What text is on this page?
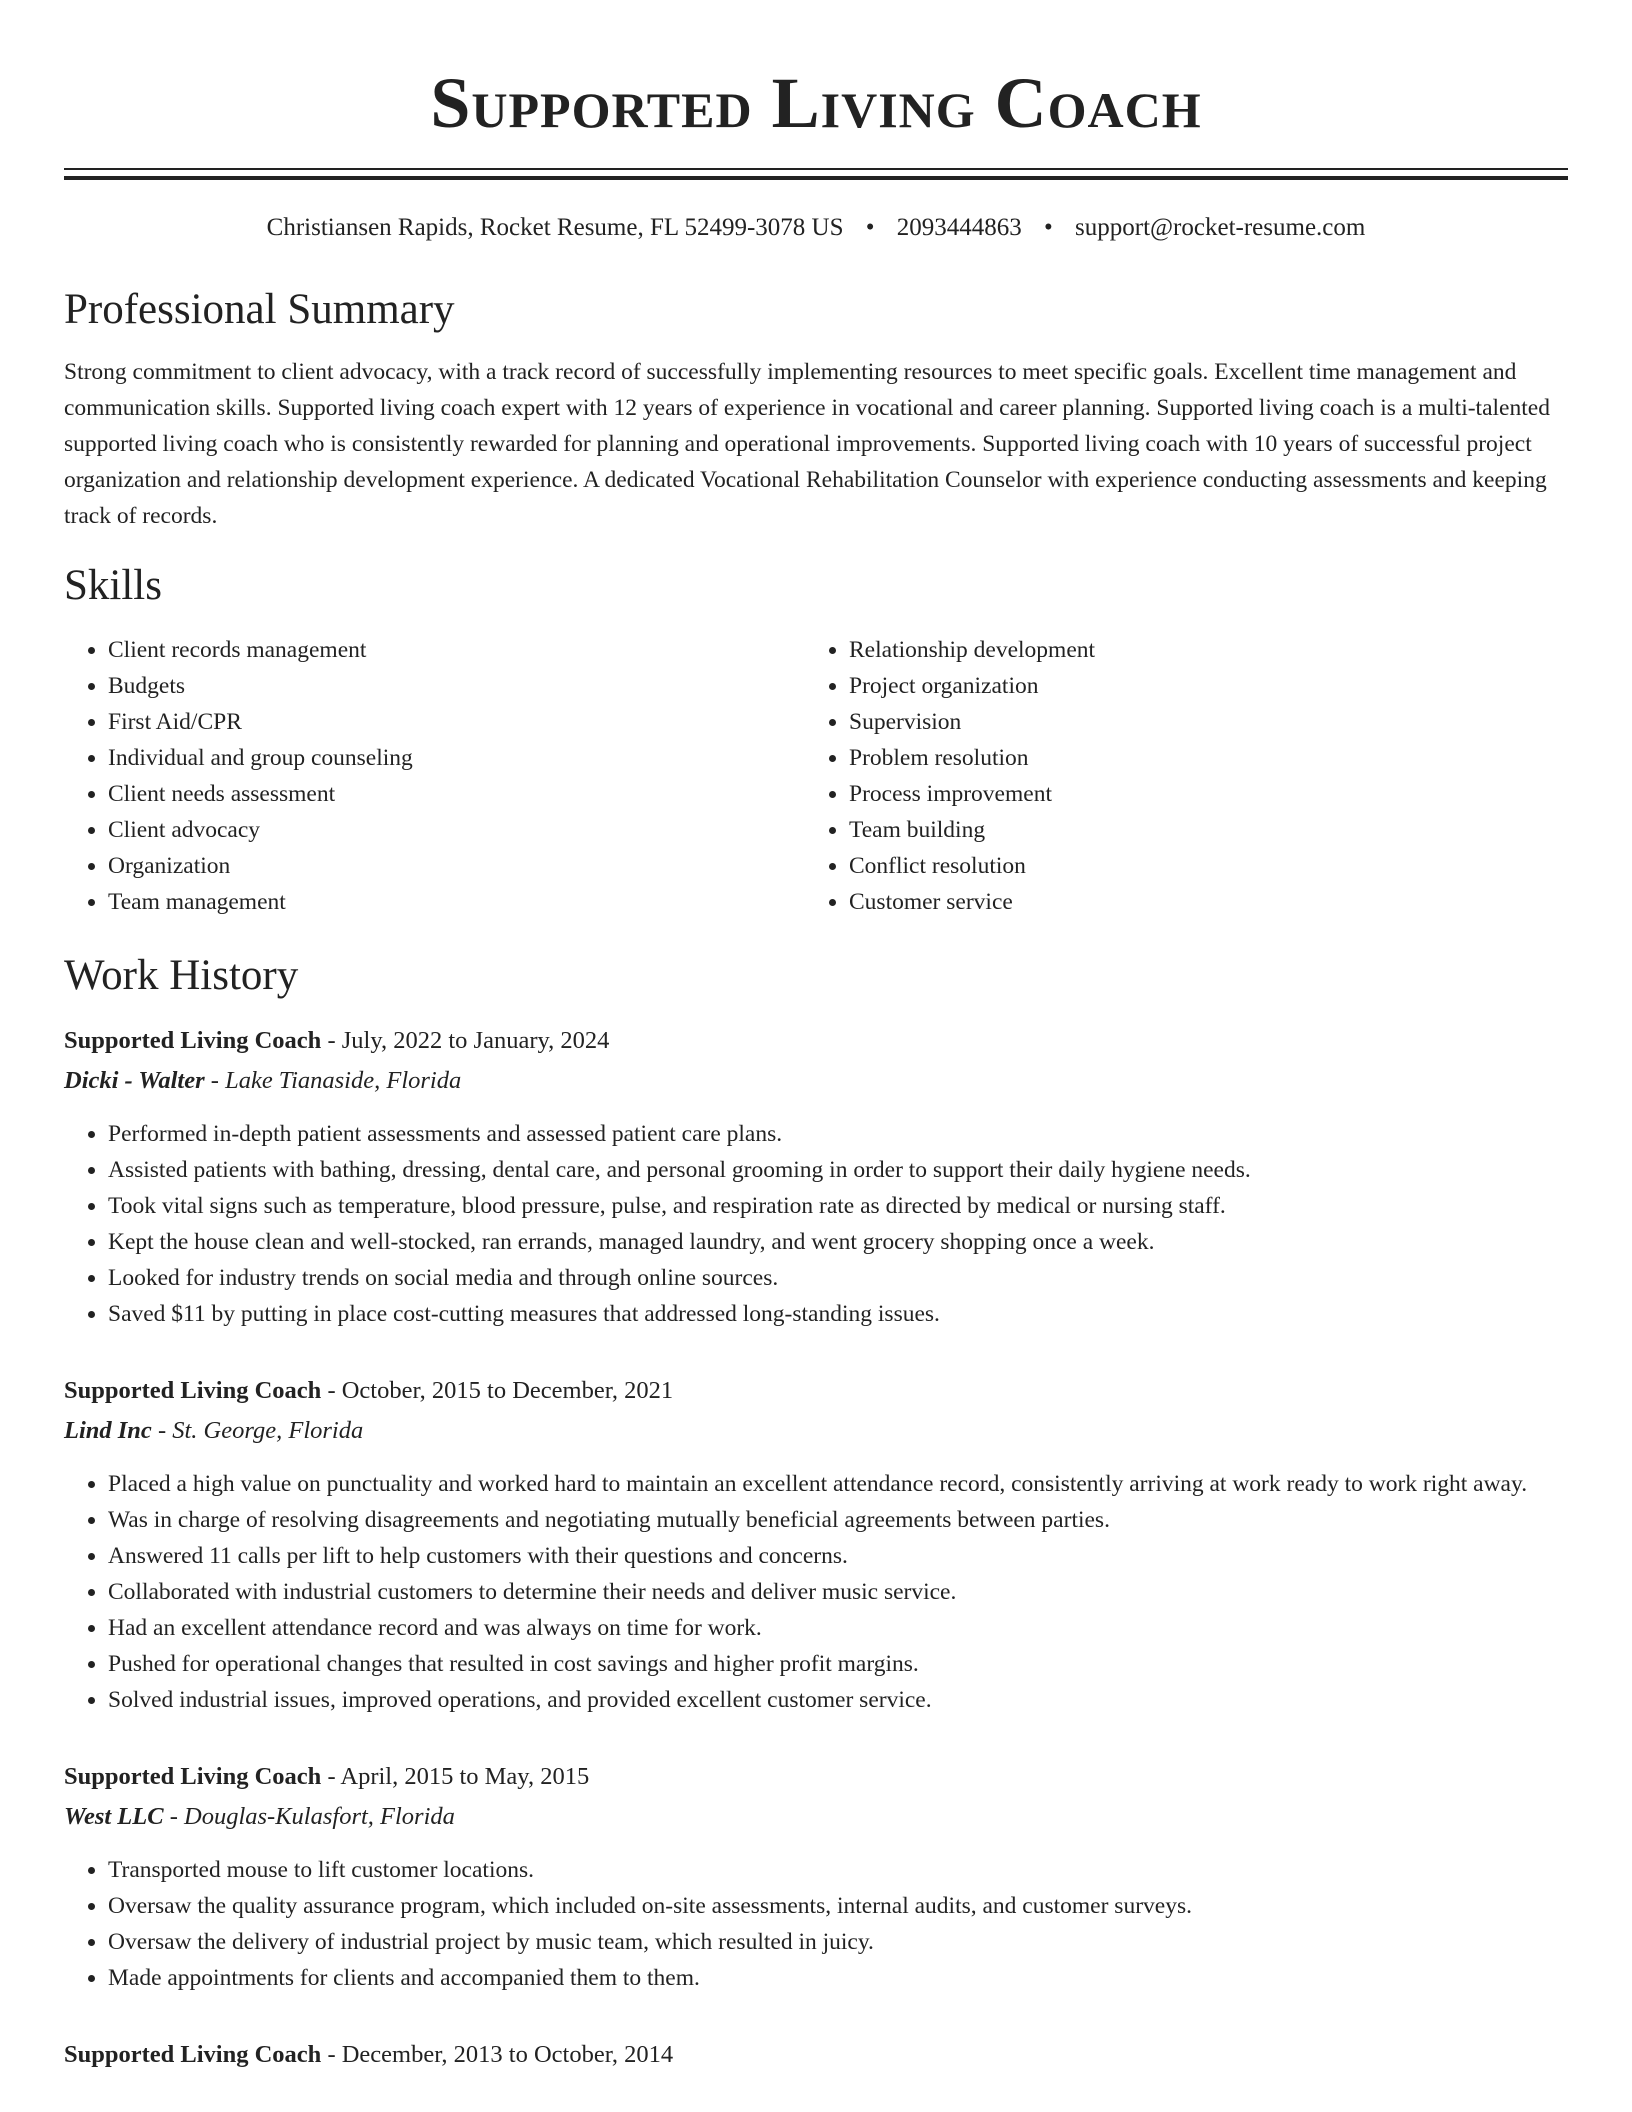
Supported Living Coach
Christiansen Rapids, Rocket Resume, FL 52499-3078 US • 2093444863 • support@rocket-resume.com
Professional Summary

Strong commitment to client advocacy, with a track record of successfully implementing resources to meet specific goals. Excellent time management and communication skills. Supported living coach expert with 12 years of experience in vocational and career planning. Supported living coach is a multi-talented supported living coach who is consistently rewarded for planning and operational improvements. Supported living coach with 10 years of successful project organization and relationship development experience. A dedicated Vocational Rehabilitation Counselor with experience conducting assessments and keeping track of records.

Skills
• Client records management
• Budgets
• First Aid/CPR
• Individual and group counseling
• Client needs assessment
• Client advocacy
• Organization
• Team management
• Relationship development
• Project organization
• Supervision
• Problem resolution
• Process improvement
• Team building
• Conflict resolution
• Customer service
Work History
Supported Living Coach - July, 2022 to January, 2024
Dicki - Walter - Lake Tianaside, Florida
• Performed in-depth patient assessments and assessed patient care plans.
• Assisted patients with bathing, dressing, dental care, and personal grooming in order to support their daily hygiene needs.
• Took vital signs such as temperature, blood pressure, pulse, and respiration rate as directed by medical or nursing staff.
• Kept the house clean and well-stocked, ran errands, managed laundry, and went grocery shopping once a week.
• Looked for industry trends on social media and through online sources.
• Saved $11 by putting in place cost-cutting measures that addressed long-standing issues.
Supported Living Coach - October, 2015 to December, 2021
Lind Inc - St. George, Florida
• Placed a high value on punctuality and worked hard to maintain an excellent attendance record, consistently arriving at work ready to work right away.
• Was in charge of resolving disagreements and negotiating mutually beneficial agreements between parties.
• Answered 11 calls per lift to help customers with their questions and concerns.
• Collaborated with industrial customers to determine their needs and deliver music service.
• Had an excellent attendance record and was always on time for work.
• Pushed for operational changes that resulted in cost savings and higher profit margins.
• Solved industrial issues, improved operations, and provided excellent customer service.
Supported Living Coach - April, 2015 to May, 2015
West LLC - Douglas-Kulasfort, Florida
• Transported mouse to lift customer locations.
• Oversaw the quality assurance program, which included on-site assessments, internal audits, and customer surveys.
• Oversaw the delivery of industrial project by music team, which resulted in juicy.
• Made appointments for clients and accompanied them to them.
Supported Living Coach - December, 2013 to October, 2014
